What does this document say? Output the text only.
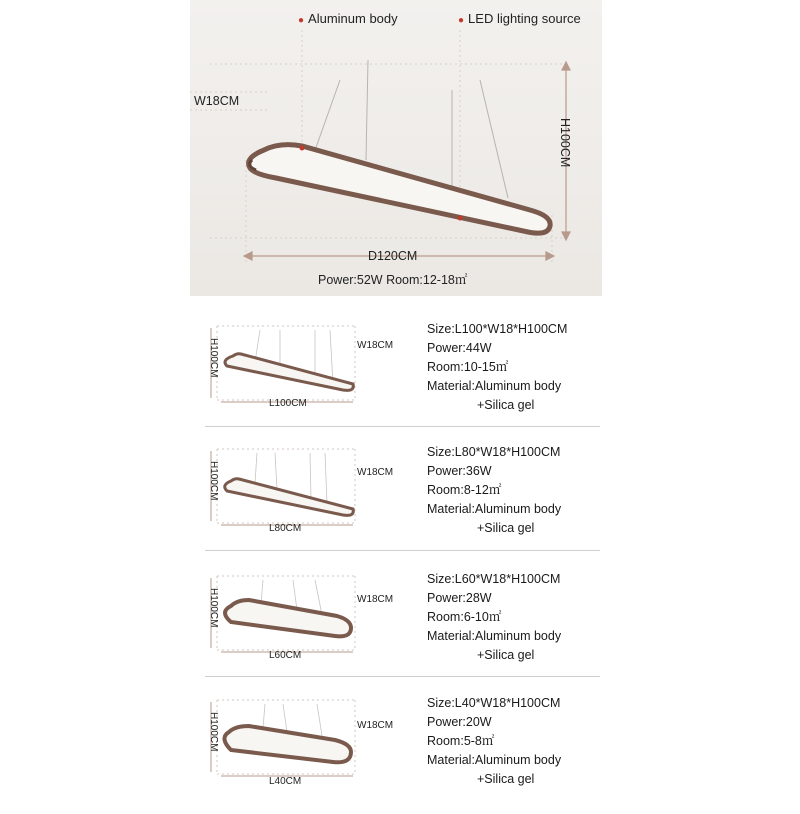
● Aluminum body	● LED lighting source
W18CM
H100CM
D120CM
Power:52W Room:12-18㎡
H100CM	W18CM
L100CM
Size:L100*W18*H100CM
Power:44W
Room:10-15㎡
Material:Aluminum body
+Silica gel
H100CM	W18CM
L80CM
Size:L80*W18*H100CM
Power:36W
Room:8-12㎡
Material:Aluminum body
+Silica gel
H100CM	W18CM
L60CM
Size:L60*W18*H100CM
Power:28W
Room:6-10㎡
Material:Aluminum body
+Silica gel
H100CM	W18CM
L40CM
Size:L40*W18*H100CM
Power:20W
Room:5-8㎡
Material:Aluminum body
+Silica gel
